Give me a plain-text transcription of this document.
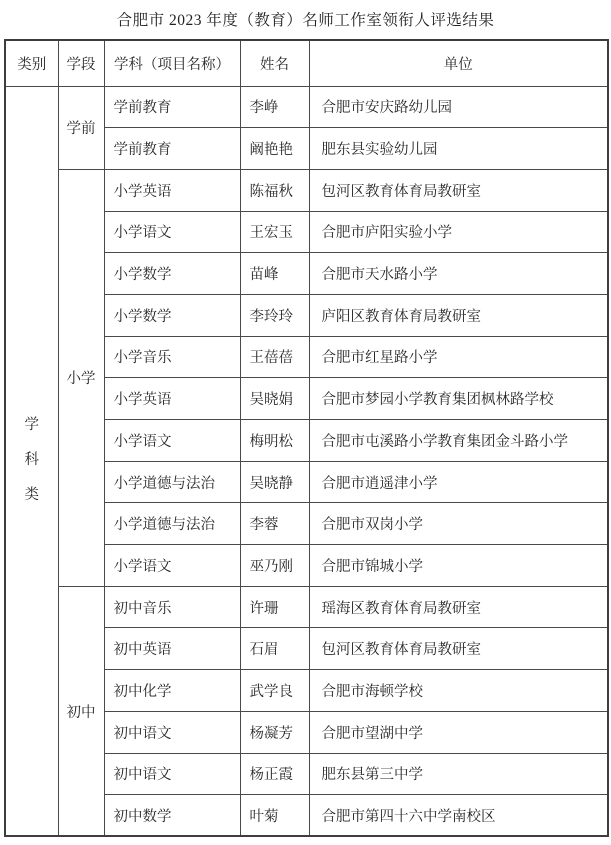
合肥市 2023 年度（教育）名师工作室领衔人评选结果
类别	学段	学科（项目名称）	姓名	单位

学科类	学前	学前教育	李峥	合肥市安庆路幼儿园
		学前教育	阚艳艳	肥东县实验幼儿园
	小学	小学英语	陈福秋	包河区教育体育局教研室
		小学语文	王宏玉	合肥市庐阳实验小学
		小学数学	苗峰	合肥市天水路小学
		小学数学	李玲玲	庐阳区教育体育局教研室
		小学音乐	王蓓蓓	合肥市红星路小学
		小学英语	吴晓娟	合肥市梦园小学教育集团枫林路学校
		小学语文	梅明松	合肥市屯溪路小学教育集团金斗路小学
		小学道德与法治	吴晓静	合肥市逍遥津小学
		小学道德与法治	李蓉	合肥市双岗小学
		小学语文	巫乃刚	合肥市锦城小学
	初中	初中音乐	许珊	瑶海区教育体育局教研室
		初中英语	石眉	包河区教育体育局教研室
		初中化学	武学良	合肥市海顿学校
		初中语文	杨凝芳	合肥市望湖中学
		初中语文	杨正霞	肥东县第三中学
		初中数学	叶菊	合肥市第四十六中学南校区
